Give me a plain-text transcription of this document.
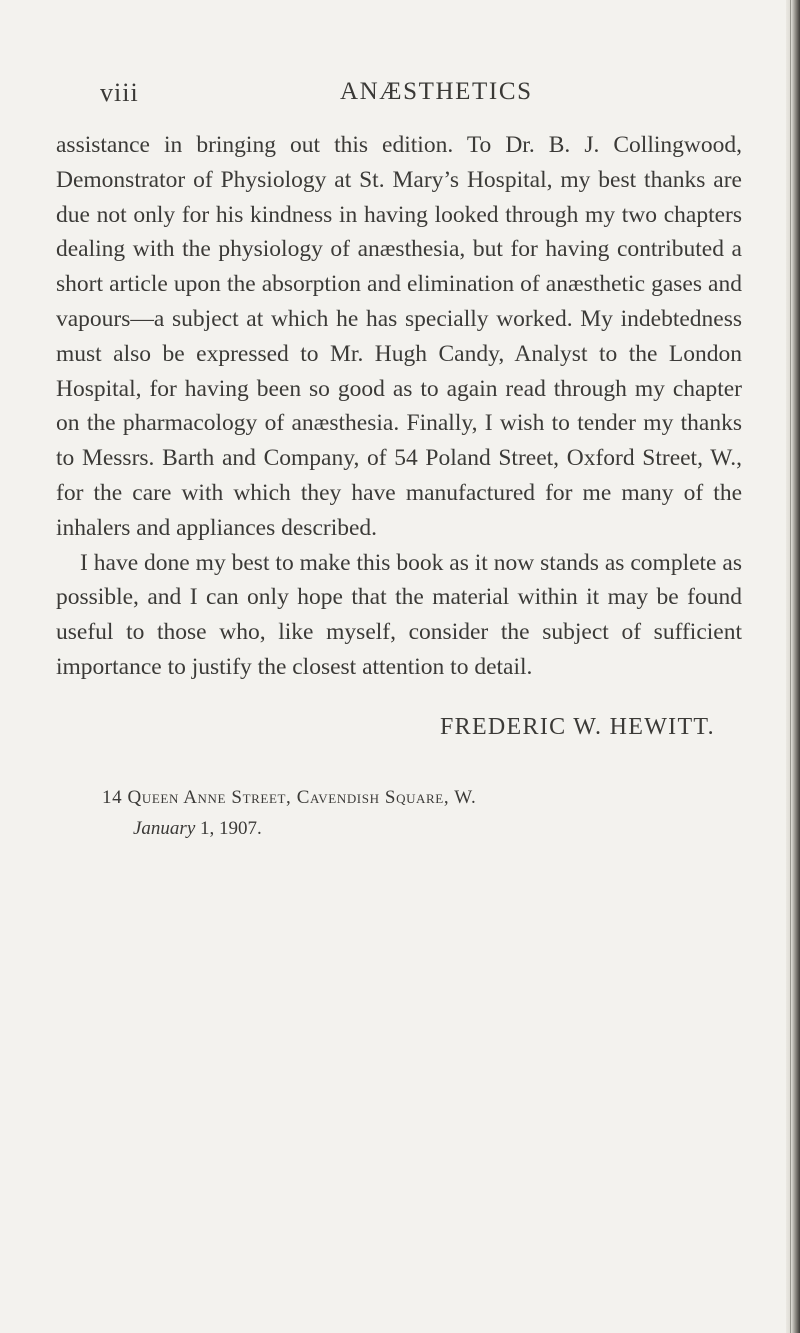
viii	ANÆSTHETICS

assistance in bringing out this edition. To Dr. B. J. Collingwood, Demonstrator of Physiology at St. Mary’s Hospital, my best thanks are due not only for his kindness in having looked through my two chapters dealing with the physiology of anæsthesia, but for having contributed a short article upon the absorption and elimination of anæsthetic gases and vapours—a subject at which he has specially worked. My indebtedness must also be expressed to Mr. Hugh Candy, Analyst to the London Hospital, for having been so good as to again read through my chapter on the pharmacology of anæsthesia. Finally, I wish to tender my thanks to Messrs. Barth and Company, of 54 Poland Street, Oxford Street, W., for the care with which they have manufactured for me many of the inhalers and appliances described.

I have done my best to make this book as it now stands as complete as possible, and I can only hope that the material within it may be found useful to those who, like myself, consider the subject of sufficient importance to justify the closest attention to detail.

FREDERIC W. HEWITT.
14 Queen Anne Street, Cavendish Square, W.
January 1, 1907.
